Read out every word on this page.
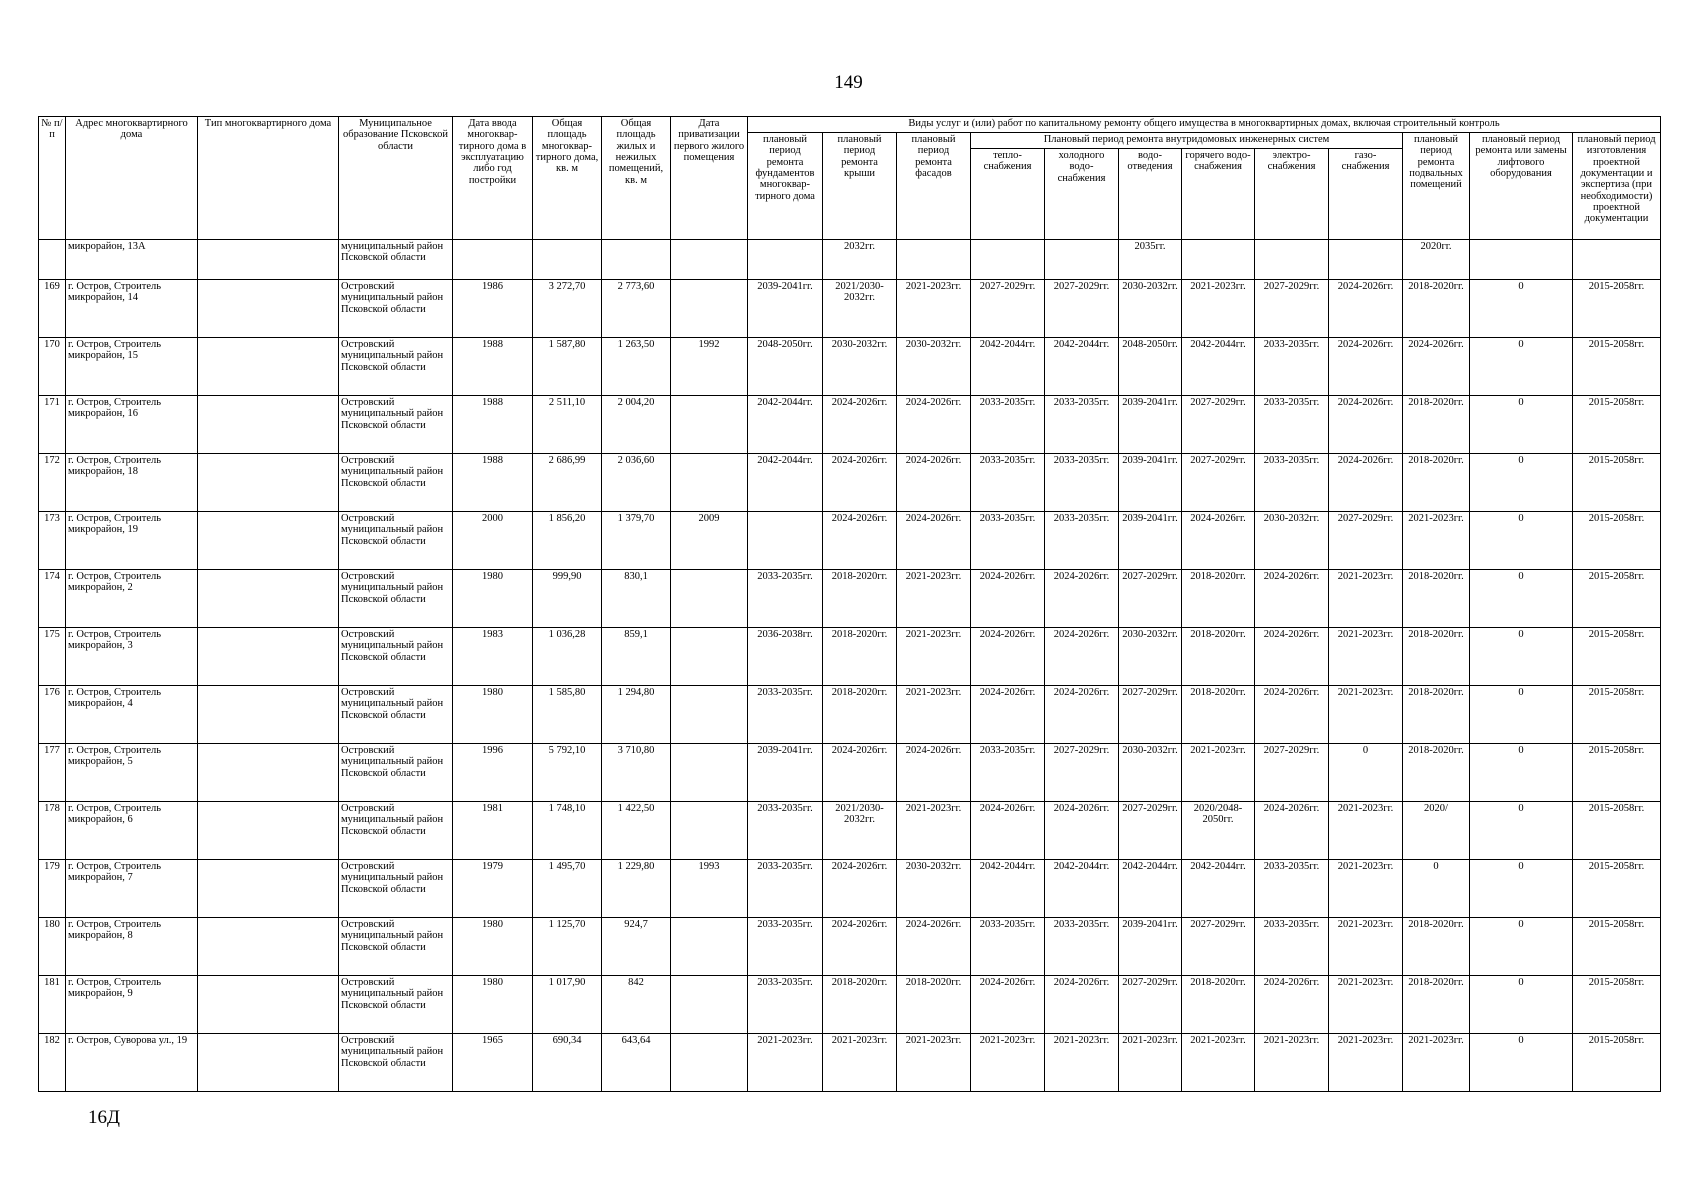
149
№ п/п	Адрес многоквартирного дома	Тип многоквартирного дома	Муниципальное образование Псковской области	Дата ввода многоквар-тирного дома в эксплуатацию либо год постройки	Общая площадь многоквар-тирного дома, кв. м	Общая площадь жилых и нежилых помещений, кв. м	Дата приватизации первого жилого помещения	Виды услуг и (или) работ по капитальному ремонту общего имущества в многоквартирных домах, включая строительный контроль											
								плановый период ремонта фундаментов многоквар-тирного дома	плановый период ремонта крыши	плановый период ремонта фасадов	Плановый период ремонта внутридомовых инженерных систем						плановый период ремонта подвальных помещений	плановый период ремонта или замены лифтового оборудования	плановый период изготовления проектной документации и экспертиза (при необходимости) проектной документации
											тепло-снабжения	холодного водо-снабжения	водо-отведения	горячего водо-снабжения	электро-снабжения	газо-снабжения			
	микрорайон, 13А		муниципальный район Псковской области						2032гг.				2035гг.				2020гг.		
169	г. Остров, Строитель микрорайон, 14		Островский муниципальный район Псковской области	1986	3 272,70	2 773,60		2039-2041гг.	2021/2030-2032гг.	2021-2023гг.	2027-2029гг.	2027-2029гг.	2030-2032гг.	2021-2023гг.	2027-2029гг.	2024-2026гг.	2018-2020гг.	0	2015-2058гг.
170	г. Остров, Строитель микрорайон, 15		Островский муниципальный район Псковской области	1988	1 587,80	1 263,50	1992	2048-2050гг.	2030-2032гг.	2030-2032гг.	2042-2044гг.	2042-2044гг.	2048-2050гг.	2042-2044гг.	2033-2035гг.	2024-2026гг.	2024-2026гг.	0	2015-2058гг.
171	г. Остров, Строитель микрорайон, 16		Островский муниципальный район Псковской области	1988	2 511,10	2 004,20		2042-2044гг.	2024-2026гг.	2024-2026гг.	2033-2035гг.	2033-2035гг.	2039-2041гг.	2027-2029гг.	2033-2035гг.	2024-2026гг.	2018-2020гг.	0	2015-2058гг.
172	г. Остров, Строитель микрорайон, 18		Островский муниципальный район Псковской области	1988	2 686,99	2 036,60		2042-2044гг.	2024-2026гг.	2024-2026гг.	2033-2035гг.	2033-2035гг.	2039-2041гг.	2027-2029гг.	2033-2035гг.	2024-2026гг.	2018-2020гг.	0	2015-2058гг.
173	г. Остров, Строитель микрорайон, 19		Островский муниципальный район Псковской области	2000	1 856,20	1 379,70	2009		2024-2026гг.	2024-2026гг.	2033-2035гг.	2033-2035гг.	2039-2041гг.	2024-2026гг.	2030-2032гг.	2027-2029гг.	2021-2023гг.	0	2015-2058гг.
174	г. Остров, Строитель микрорайон, 2		Островский муниципальный район Псковской области	1980	999,90	830,1		2033-2035гг.	2018-2020гг.	2021-2023гг.	2024-2026гг.	2024-2026гг.	2027-2029гг.	2018-2020гг.	2024-2026гг.	2021-2023гг.	2018-2020гг.	0	2015-2058гг.
175	г. Остров, Строитель микрорайон, 3		Островский муниципальный район Псковской области	1983	1 036,28	859,1		2036-2038гг.	2018-2020гг.	2021-2023гг.	2024-2026гг.	2024-2026гг.	2030-2032гг.	2018-2020гг.	2024-2026гг.	2021-2023гг.	2018-2020гг.	0	2015-2058гг.
176	г. Остров, Строитель микрорайон, 4		Островский муниципальный район Псковской области	1980	1 585,80	1 294,80		2033-2035гг.	2018-2020гг.	2021-2023гг.	2024-2026гг.	2024-2026гг.	2027-2029гг.	2018-2020гг.	2024-2026гг.	2021-2023гг.	2018-2020гг.	0	2015-2058гг.
177	г. Остров, Строитель микрорайон, 5		Островский муниципальный район Псковской области	1996	5 792,10	3 710,80		2039-2041гг.	2024-2026гг.	2024-2026гг.	2033-2035гг.	2027-2029гг.	2030-2032гг.	2021-2023гг.	2027-2029гг.	0	2018-2020гг.	0	2015-2058гг.
178	г. Остров, Строитель микрорайон, 6		Островский муниципальный район Псковской области	1981	1 748,10	1 422,50		2033-2035гг.	2021/2030-2032гг.	2021-2023гг.	2024-2026гг.	2024-2026гг.	2027-2029гг.	2020/2048-2050гг.	2024-2026гг.	2021-2023гг.	2020/	0	2015-2058гг.
179	г. Остров, Строитель микрорайон, 7		Островский муниципальный район Псковской области	1979	1 495,70	1 229,80	1993	2033-2035гг.	2024-2026гг.	2030-2032гг.	2042-2044гг.	2042-2044гг.	2042-2044гг.	2042-2044гг.	2033-2035гг.	2021-2023гг.	0	0	2015-2058гг.
180	г. Остров, Строитель микрорайон, 8		Островский муниципальный район Псковской области	1980	1 125,70	924,7		2033-2035гг.	2024-2026гг.	2024-2026гг.	2033-2035гг.	2033-2035гг.	2039-2041гг.	2027-2029гг.	2033-2035гг.	2021-2023гг.	2018-2020гг.	0	2015-2058гг.
181	г. Остров, Строитель микрорайон, 9		Островский муниципальный район Псковской области	1980	1 017,90	842		2033-2035гг.	2018-2020гг.	2018-2020гг.	2024-2026гг.	2024-2026гг.	2027-2029гг.	2018-2020гг.	2024-2026гг.	2021-2023гг.	2018-2020гг.	0	2015-2058гг.
182	г. Остров, Суворова ул., 19		Островский муниципальный район Псковской области	1965	690,34	643,64		2021-2023гг.	2021-2023гг.	2021-2023гг.	2021-2023гг.	2021-2023гг.	2021-2023гг.	2021-2023гг.	2021-2023гг.	2021-2023гг.	2021-2023гг.	0	2015-2058гг.
16Д
